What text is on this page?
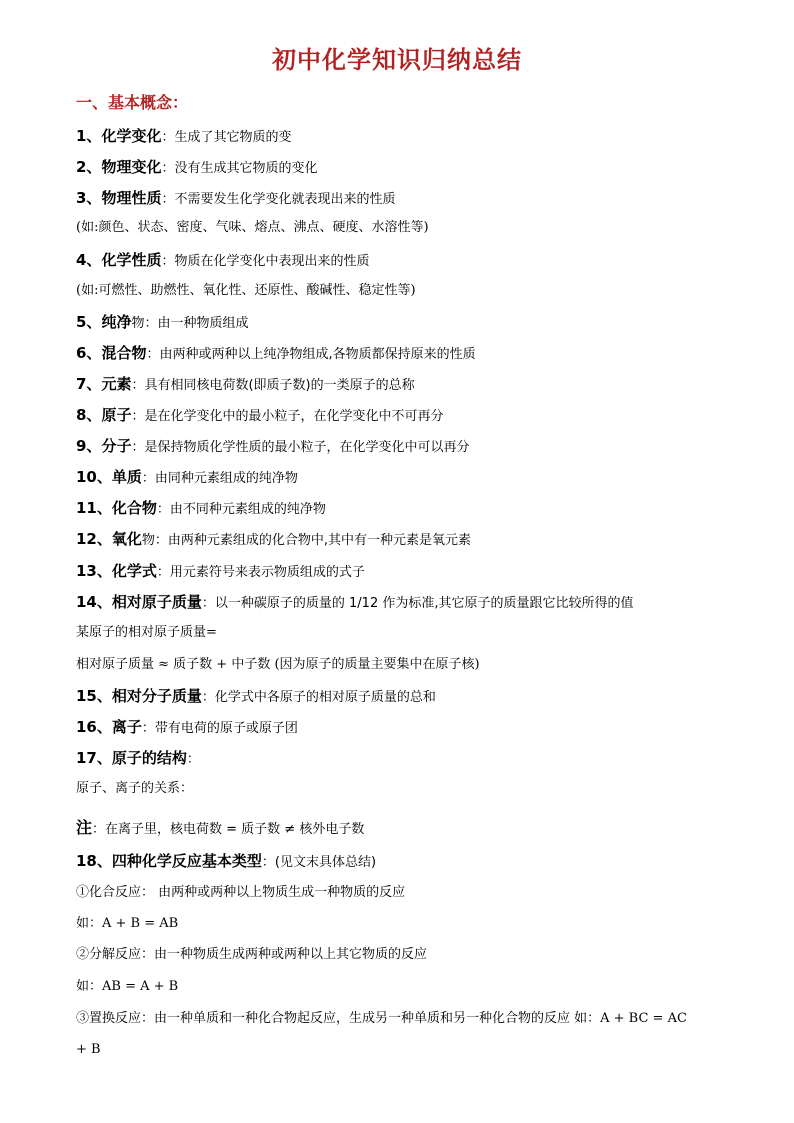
初中化学知识归纳总结
一、基本概念：
1、化学变化：生成了其它物质的变
2、物理变化：没有生成其它物质的变化
3、物理性质：不需要发生化学变化就表现出来的性质
(如:颜色、状态、密度、气味、熔点、沸点、硬度、水溶性等)
4、化学性质：物质在化学变化中表现出来的性质
(如:可燃性、助燃性、氧化性、还原性、酸碱性、稳定性等)
5、纯净物：由一种物质组成
6、混合物：由两种或两种以上纯净物组成,各物质都保持原来的性质
7、元素：具有相同核电荷数(即质子数)的一类原子的总称
8、原子：是在化学变化中的最小粒子，在化学变化中不可再分
9、分子：是保持物质化学性质的最小粒子，在化学变化中可以再分
10、单质：由同种元素组成的纯净物
11、化合物：由不同种元素组成的纯净物
12、氧化物：由两种元素组成的化合物中,其中有一种元素是氧元素
13、化学式：用元素符号来表示物质组成的式子
14、相对原子质量：以一种碳原子的质量的 1/12 作为标准,其它原子的质量跟它比较所得的值
某原子的相对原子质量=
相对原子质量 ≈ 质子数 + 中子数 (因为原子的质量主要集中在原子核)
15、相对分子质量：化学式中各原子的相对原子质量的总和
16、离子：带有电荷的原子或原子团
17、原子的结构：
原子、离子的关系：
注：在离子里，核电荷数 = 质子数 ≠ 核外电子数
18、四种化学反应基本类型：(见文末具体总结)
①化合反应： 由两种或两种以上物质生成一种物质的反应
如：A + B = AB
②分解反应：由一种物质生成两种或两种以上其它物质的反应
如：AB = A + B
③置换反应：由一种单质和一种化合物起反应，生成另一种单质和另一种化合物的反应 如：A + BC = AC
+ B
